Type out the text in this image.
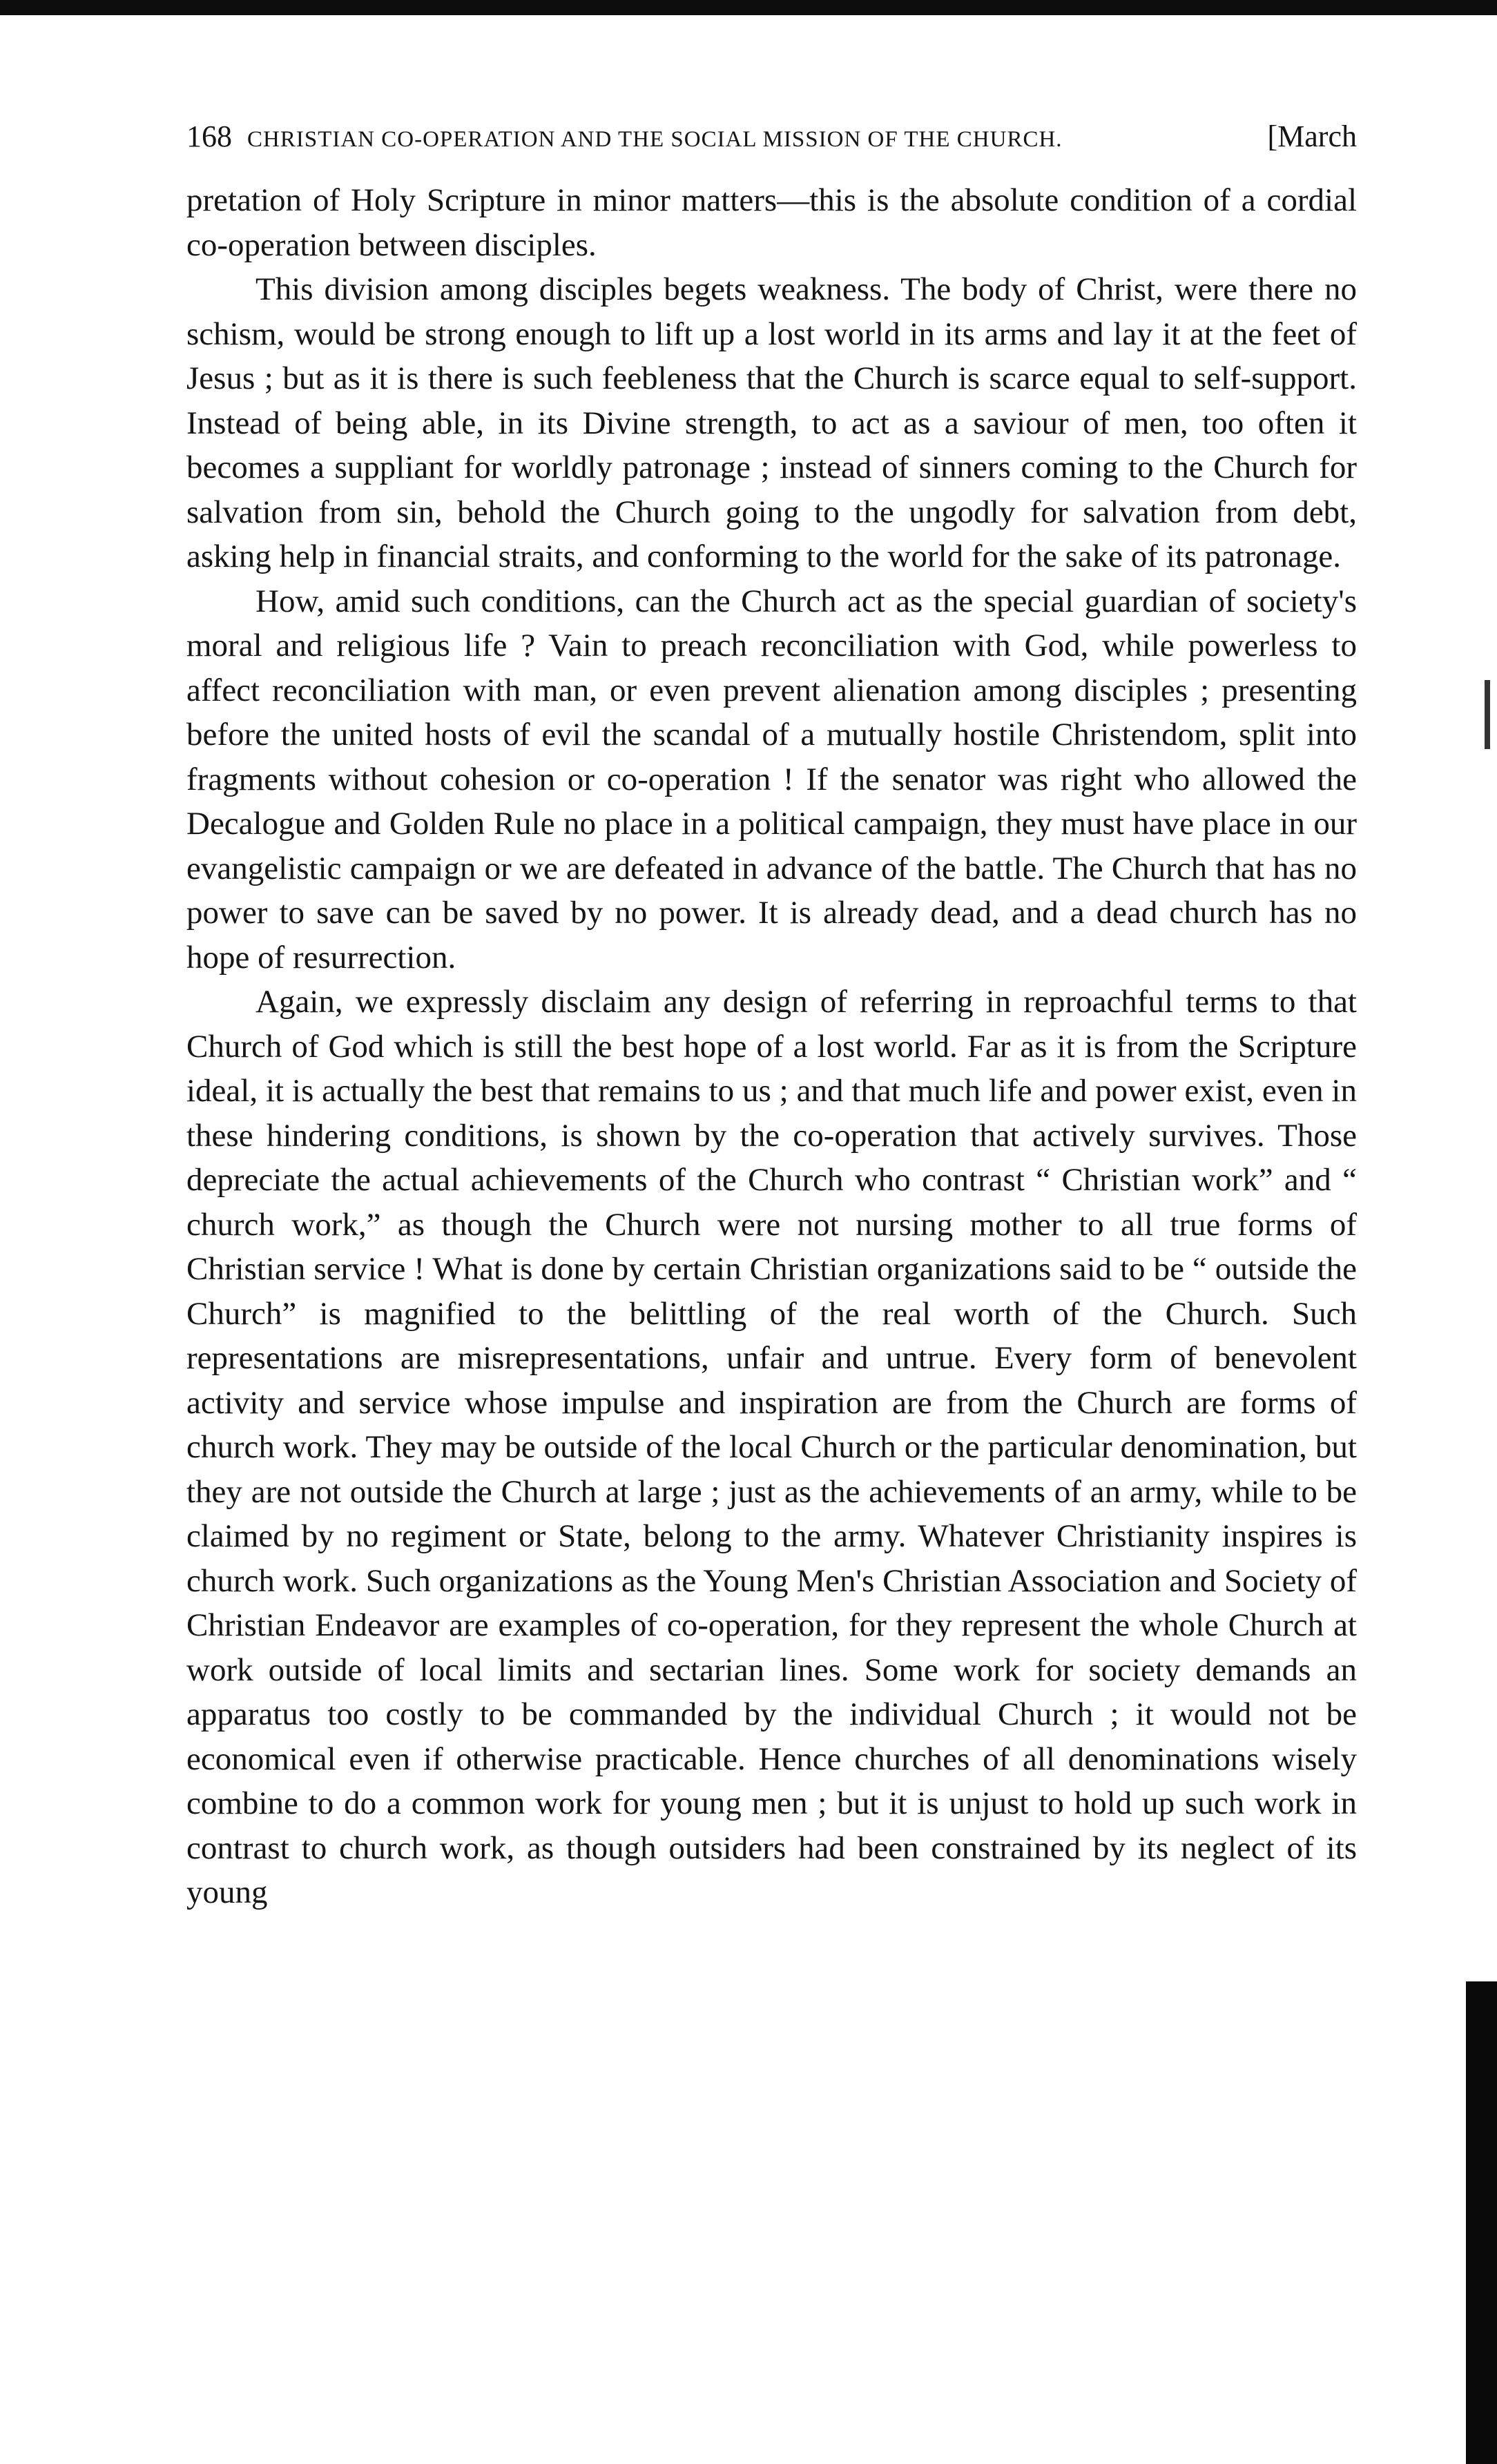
168 CHRISTIAN CO-OPERATION AND THE SOCIAL MISSION OF THE CHURCH.	[March

pretation of Holy Scripture in minor matters—this is the absolute condition of a cordial co-operation between disciples.

This division among disciples begets weakness. The body of Christ, were there no schism, would be strong enough to lift up a lost world in its arms and lay it at the feet of Jesus ; but as it is there is such feebleness that the Church is scarce equal to self-support. Instead of being able, in its Divine strength, to act as a saviour of men, too often it becomes a suppliant for worldly patronage ; instead of sinners coming to the Church for salvation from sin, behold the Church going to the ungodly for salvation from debt, asking help in financial straits, and conforming to the world for the sake of its patronage.

How, amid such conditions, can the Church act as the special guardian of society's moral and religious life ? Vain to preach reconciliation with God, while powerless to affect reconciliation with man, or even prevent alienation among disciples ; presenting before the united hosts of evil the scandal of a mutually hostile Christendom, split into fragments without cohesion or co-operation ! If the senator was right who allowed the Decalogue and Golden Rule no place in a political campaign, they must have place in our evangelistic campaign or we are defeated in advance of the battle. The Church that has no power to save can be saved by no power. It is already dead, and a dead church has no hope of resurrection.

Again, we expressly disclaim any design of referring in reproachful terms to that Church of God which is still the best hope of a lost world. Far as it is from the Scripture ideal, it is actually the best that remains to us ; and that much life and power exist, even in these hindering conditions, is shown by the co-operation that actively survives. Those depreciate the actual achievements of the Church who contrast “ Christian work” and “ church work,” as though the Church were not nursing mother to all true forms of Christian service ! What is done by certain Christian organizations said to be “ outside the Church” is magnified to the belittling of the real worth of the Church. Such representations are misrepresentations, unfair and untrue. Every form of benevolent activity and service whose impulse and inspiration are from the Church are forms of church work. They may be outside of the local Church or the particular denomination, but they are not outside the Church at large ; just as the achievements of an army, while to be claimed by no regiment or State, belong to the army. Whatever Christianity inspires is church work. Such organizations as the Young Men's Christian Association and Society of Christian Endeavor are examples of co-operation, for they represent the whole Church at work outside of local limits and sectarian lines. Some work for society demands an apparatus too costly to be commanded by the individual Church ; it would not be economical even if otherwise practicable. Hence churches of all denominations wisely combine to do a common work for young men ; but it is unjust to hold up such work in contrast to church work, as though outsiders had been constrained by its neglect of its young
